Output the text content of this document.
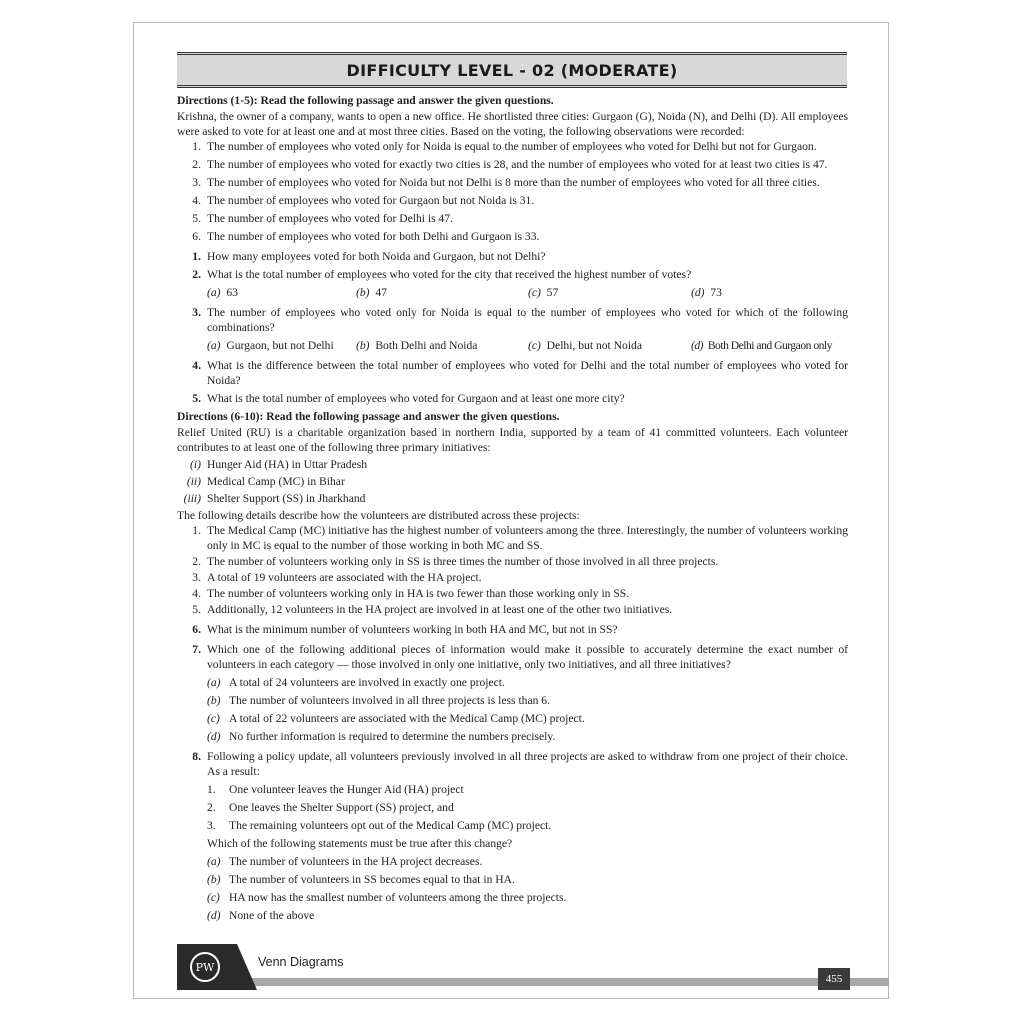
DIFFICULTY LEVEL - 02 (MODERATE)

Directions (1-5): Read the following passage and answer the given questions.

Krishna, the owner of a company, wants to open a new office. He shortlisted three cities: Gurgaon (G), Noida (N), and Delhi (D). All employees were asked to vote for at least one and at most three cities. Based on the voting, the following observations were recorded:

1. The number of employees who voted only for Noida is equal to the number of employees who voted for Delhi but not for Gurgaon.
2. The number of employees who voted for exactly two cities is 28, and the number of employees who voted for at least two cities is 47.
3. The number of employees who voted for Noida but not Delhi is 8 more than the number of employees who voted for all three cities.
4. The number of employees who voted for Gurgaon but not Noida is 31.
5. The number of employees who voted for Delhi is 47.
6. The number of employees who voted for both Delhi and Gurgaon is 33.
1. How many employees voted for both Noida and Gurgaon, but not Delhi?
2. What is the total number of employees who voted for the city that received the highest number of votes?
(a) 63	(b) 47	(c) 57	(d) 73
3. The number of employees who voted only for Noida is equal to the number of employees who voted for which of the following combinations?
(a) Gurgaon, but not Delhi	(b) Both Delhi and Noida	(c) Delhi, but not Noida	(d) Both Delhi and Gurgaon only
4. What is the difference between the total number of employees who voted for Delhi and the total number of employees who voted for Noida?
5. What is the total number of employees who voted for Gurgaon and at least one more city?

Directions (6-10): Read the following passage and answer the given questions.

Relief United (RU) is a charitable organization based in northern India, supported by a team of 41 committed volunteers. Each volunteer contributes to at least one of the following three primary initiatives:

(i) Hunger Aid (HA) in Uttar Pradesh
(ii) Medical Camp (MC) in Bihar
(iii) Shelter Support (SS) in Jharkhand

The following details describe how the volunteers are distributed across these projects:

1. The Medical Camp (MC) initiative has the highest number of volunteers among the three. Interestingly, the number of volunteers working only in MC is equal to the number of those working in both MC and SS.
2. The number of volunteers working only in SS is three times the number of those involved in all three projects.
3. A total of 19 volunteers are associated with the HA project.
4. The number of volunteers working only in HA is two fewer than those working only in SS.
5. Additionally, 12 volunteers in the HA project are involved in at least one of the other two initiatives.
6. What is the minimum number of volunteers working in both HA and MC, but not in SS?
7. Which one of the following additional pieces of information would make it possible to accurately determine the exact number of volunteers in each category — those involved in only one initiative, only two initiatives, and all three initiatives?
(a) A total of 24 volunteers are involved in exactly one project.
(b) The number of volunteers involved in all three projects is less than 6.
(c) A total of 22 volunteers are associated with the Medical Camp (MC) project.
(d) No further information is required to determine the numbers precisely.
8. Following a policy update, all volunteers previously involved in all three projects are asked to withdraw from one project of their choice. As a result:
1.	One volunteer leaves the Hunger Aid (HA) project
2.	One leaves the Shelter Support (SS) project, and
3.	The remaining volunteers opt out of the Medical Camp (MC) project.
Which of the following statements must be true after this change?
(a) The number of volunteers in the HA project decreases.
(b) The number of volunteers in SS becomes equal to that in HA.
(c) HA now has the smallest number of volunteers among the three projects.
(d) None of the above
PW	Venn Diagrams
455
